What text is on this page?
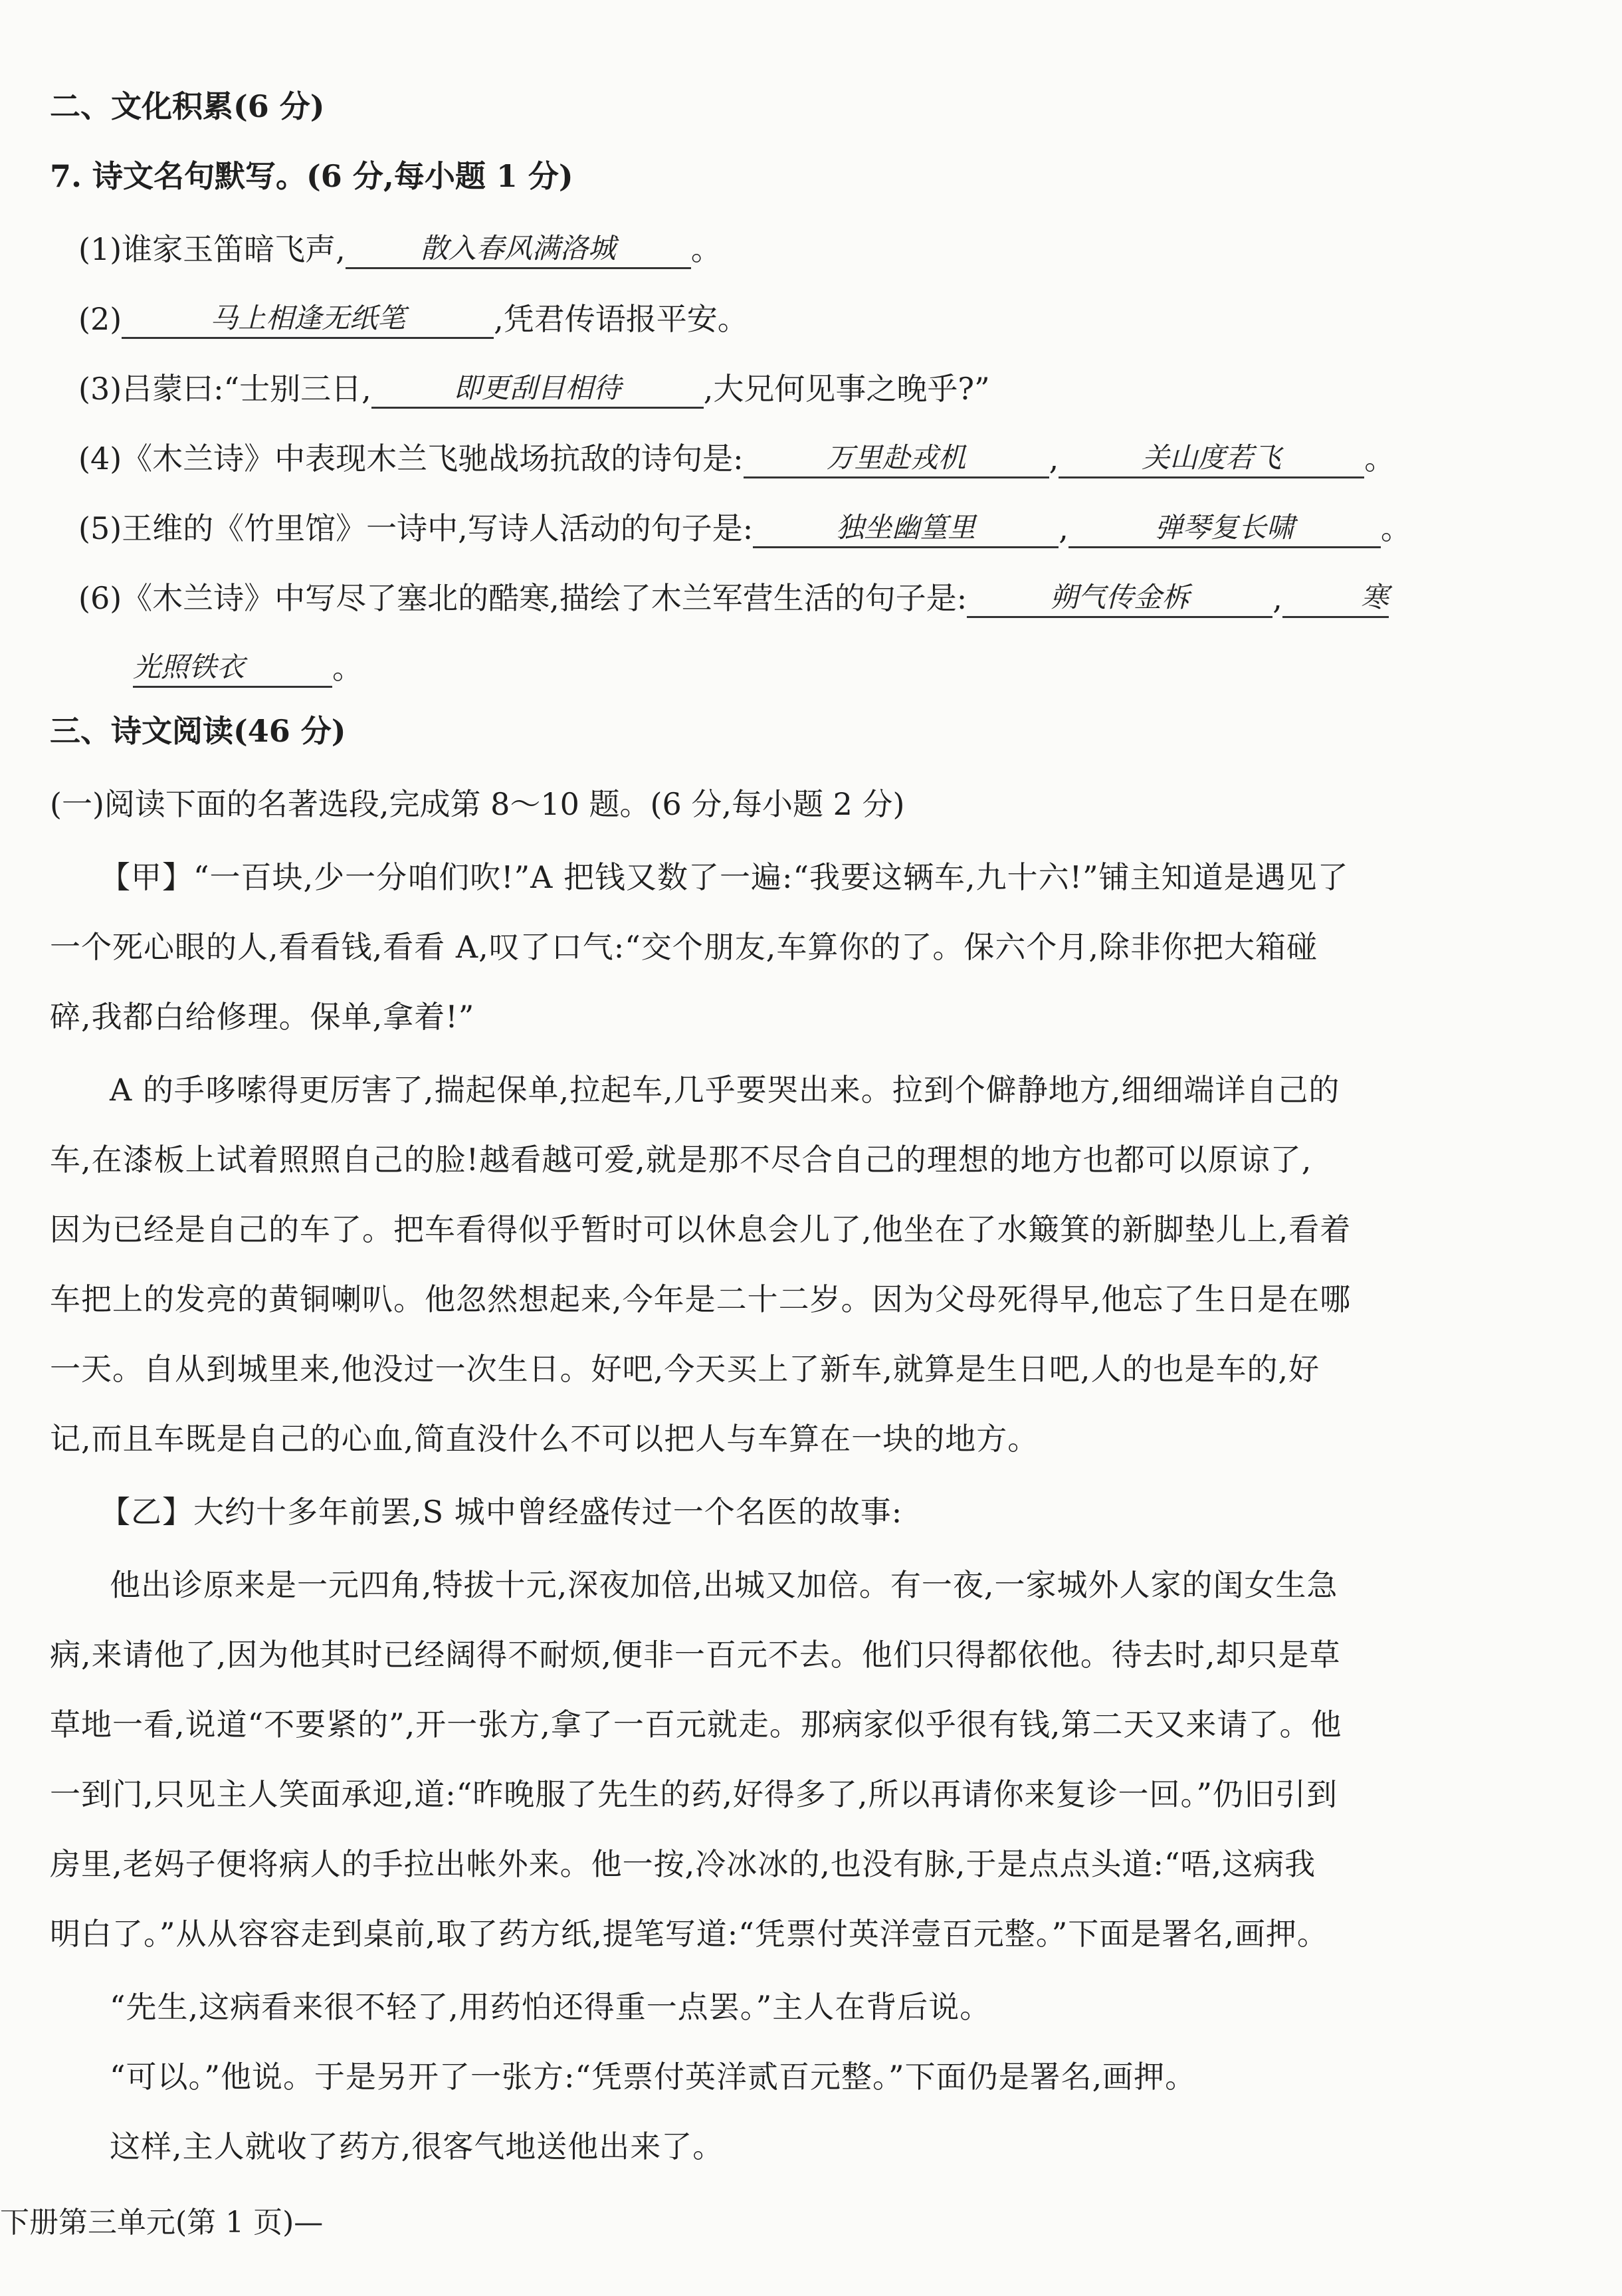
二、文化积累(6 分)
7. 诗文名句默写。(6 分,每小题 1 分)
(1)谁家玉笛暗飞声,	散入春风满洛城 。
(2)	马上相逢无纸笔	,凭君传语报平安。
(3)吕蒙曰:“士别三日,	即更刮目相待	,大兄何见事之晚乎?”
(4)《木兰诗》中表现木兰飞驰战场抗敌的诗句是:	万里赴戎机	,	关山度若飞	。
(5)王维的《竹里馆》一诗中,写诗人活动的句子是:	独坐幽篁里	,	弹琴复长啸	。
(6)《木兰诗》中写尽了塞北的酷寒,描绘了木兰军营生活的句子是:	朔气传金柝	,	寒
光照铁衣	。
三、诗文阅读(46 分)
(一)阅读下面的名著选段,完成第 8～10 题。(6 分,每小题 2 分)
【甲】“一百块,少一分咱们吹!”A 把钱又数了一遍:“我要这辆车,九十六!”铺主知道是遇见了
一个死心眼的人,看看钱,看看 A,叹了口气:“交个朋友,车算你的了。保六个月,除非你把大箱碰
碎,我都白给修理。保单,拿着!”
A 的手哆嗦得更厉害了,揣起保单,拉起车,几乎要哭出来。拉到个僻静地方,细细端详自己的
车,在漆板上试着照照自己的脸!越看越可爱,就是那不尽合自己的理想的地方也都可以原谅了,
因为已经是自己的车了。把车看得似乎暂时可以休息会儿了,他坐在了水簸箕的新脚垫儿上,看着
车把上的发亮的黄铜喇叭。他忽然想起来,今年是二十二岁。因为父母死得早,他忘了生日是在哪
一天。自从到城里来,他没过一次生日。好吧,今天买上了新车,就算是生日吧,人的也是车的,好
记,而且车既是自己的心血,简直没什么不可以把人与车算在一块的地方。
【乙】大约十多年前罢,S 城中曾经盛传过一个名医的故事:
他出诊原来是一元四角,特拔十元,深夜加倍,出城又加倍。有一夜,一家城外人家的闺女生急
病,来请他了,因为他其时已经阔得不耐烦,便非一百元不去。他们只得都依他。待去时,却只是草
草地一看,说道“不要紧的”,开一张方,拿了一百元就走。那病家似乎很有钱,第二天又来请了。他
一到门,只见主人笑面承迎,道:“昨晚服了先生的药,好得多了,所以再请你来复诊一回。”仍旧引到
房里,老妈子便将病人的手拉出帐外来。他一按,冷冰冰的,也没有脉,于是点点头道:“唔,这病我
明白了。”从从容容走到桌前,取了药方纸,提笔写道:“凭票付英洋壹百元整。”下面是署名,画押。
“先生,这病看来很不轻了,用药怕还得重一点罢。”主人在背后说。
“可以。”他说。于是另开了一张方:“凭票付英洋贰百元整。”下面仍是署名,画押。
这样,主人就收了药方,很客气地送他出来了。
下册第三单元(第 1 页)—
